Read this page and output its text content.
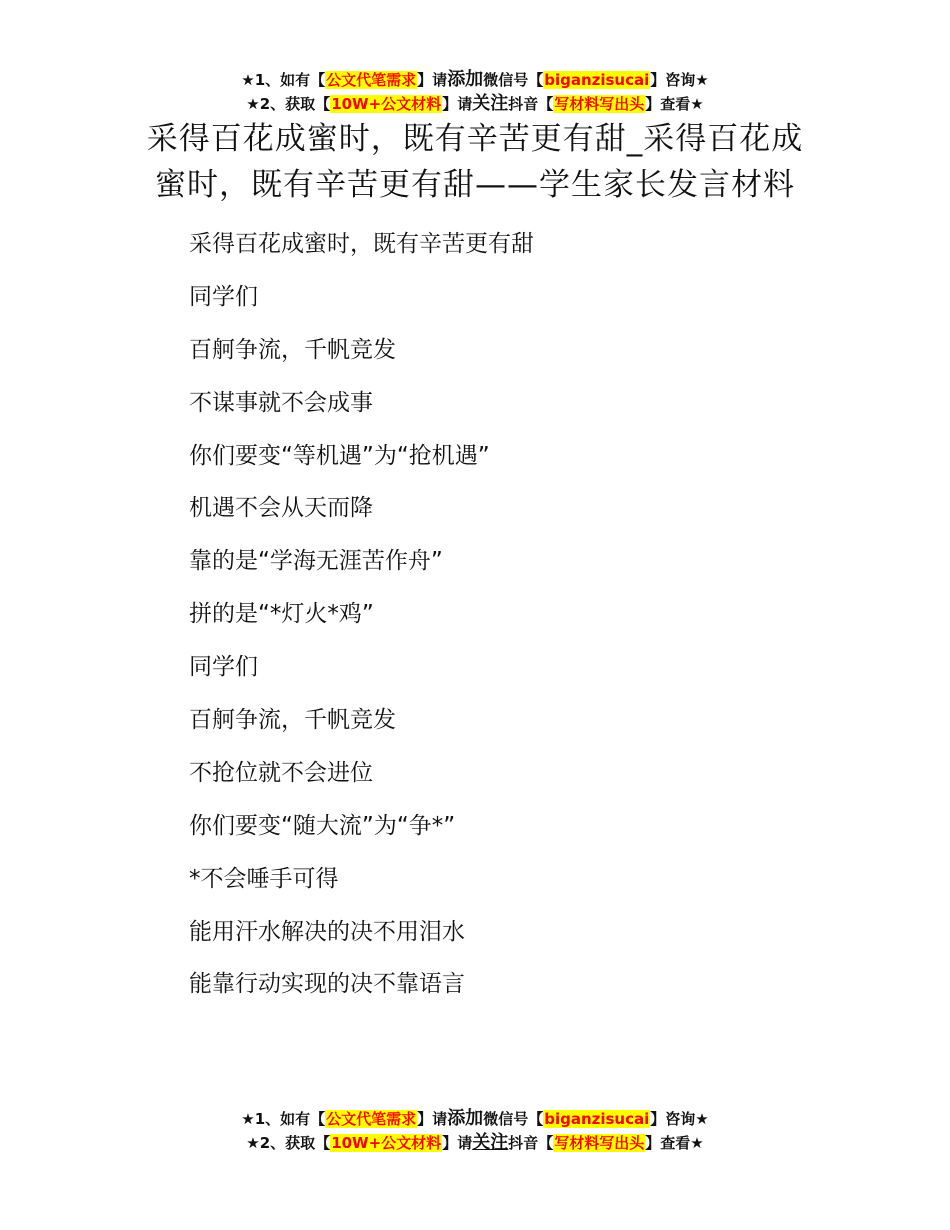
★1、如有【公文代笔需求】请添加微信号【biganzisucai】咨询★
★2、获取【10W+公文材料】请关注抖音【写材料写出头】查看★
采得百花成蜜时，既有辛苦更有甜_采得百花成
蜜时，既有辛苦更有甜——学生家长发言材料
采得百花成蜜时，既有辛苦更有甜
同学们
百舸争流，千帆竞发
不谋事就不会成事
你们要变“等机遇”为“抢机遇”
机遇不会从天而降
靠的是“学海无涯苦作舟”
拼的是“*灯火*鸡”
同学们
百舸争流，千帆竞发
不抢位就不会进位
你们要变“随大流”为“争*”
*不会唾手可得
能用汗水解决的决不用泪水
能靠行动实现的决不靠语言
★1、如有【公文代笔需求】请添加微信号【biganzisucai】咨询★
★2、获取【10W+公文材料】请关注抖音【写材料写出头】查看★
